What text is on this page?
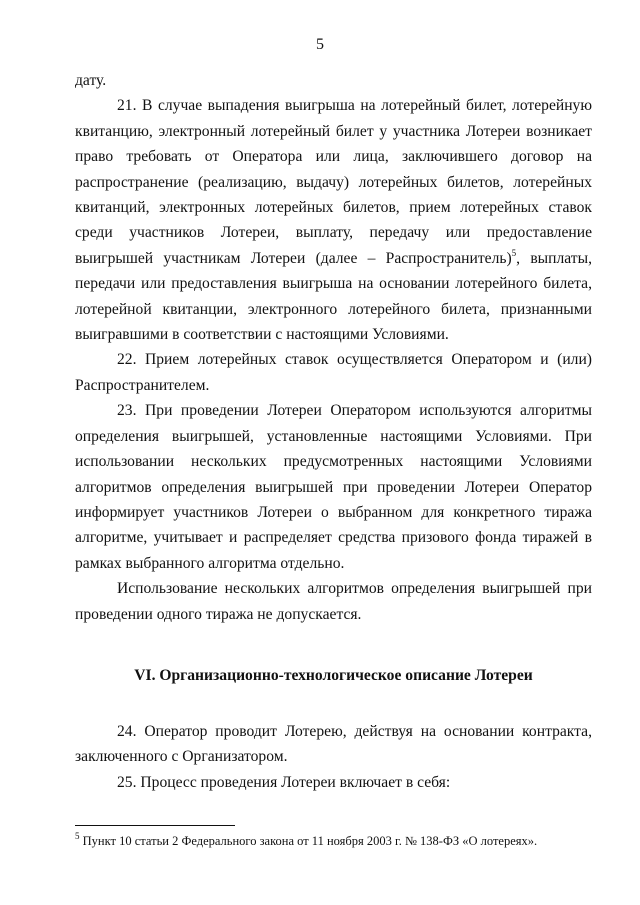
5

дату.

21. В случае выпадения выигрыша на лотерейный билет, лотерейную квитанцию, электронный лотерейный билет у участника Лотереи возникает право требовать от Оператора или лица, заключившего договор на распространение (реализацию, выдачу) лотерейных билетов, лотерейных квитанций, электронных лотерейных билетов, прием лотерейных ставок среди участников Лотереи, выплату, передачу или предоставление выигрышей участникам Лотереи (далее – Распространитель)$^5$, выплаты, передачи или предоставления выигрыша на основании лотерейного билета, лотерейной квитанции, электронного лотерейного билета, признанными выигравшими в соответствии с настоящими Условиями.

22. Прием лотерейных ставок осуществляется Оператором и (или) Распространителем.

23. При проведении Лотереи Оператором используются алгоритмы определения выигрышей, установленные настоящими Условиями. При использовании нескольких предусмотренных настоящими Условиями алгоритмов определения выигрышей при проведении Лотереи Оператор информирует участников Лотереи о выбранном для конкретного тиража алгоритме, учитывает и распределяет средства призового фонда тиражей в рамках выбранного алгоритма отдельно.

Использование нескольких алгоритмов определения выигрышей при проведении одного тиража не допускается.

VI. Организационно-технологическое описание Лотереи

24. Оператор проводит Лотерею, действуя на основании контракта, заключенного с Организатором.

25. Процесс проведения Лотереи включает в себя:

$^5$ Пункт 10 статьи 2 Федерального закона от 11 ноября 2003 г. № 138-ФЗ «О лотереях».
